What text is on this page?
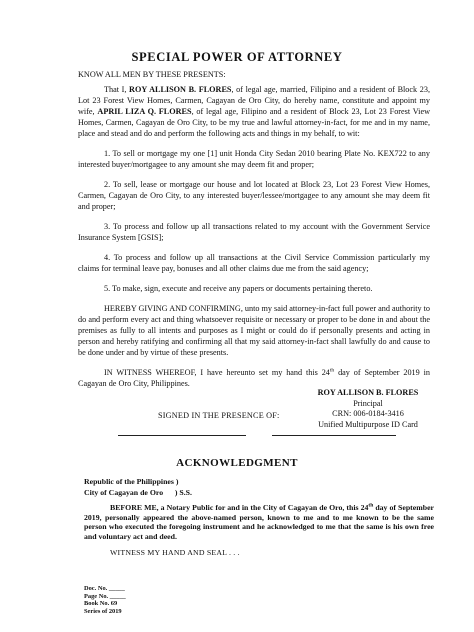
SPECIAL POWER OF ATTORNEY
KNOW ALL MEN BY THESE PRESENTS:

That I, ROY ALLISON B. FLORES, of legal age, married, Filipino and a resident of Block 23, Lot 23 Forest View Homes, Carmen, Cagayan de Oro City, do hereby name, constitute and appoint my wife, APRIL LIZA Q. FLORES, of legal age, Filipino and a resident of Block 23, Lot 23 Forest View Homes, Carmen, Cagayan de Oro City, to be my true and lawful attorney-in-fact, for me and in my name, place and stead and do and perform the following acts and things in my behalf, to wit:

1. To sell or mortgage my one [1] unit Honda City Sedan 2010 bearing Plate No. KEX722 to any interested buyer/mortgagee to any amount she may deem fit and proper;

2. To sell, lease or mortgage our house and lot located at Block 23, Lot 23 Forest View Homes, Carmen, Cagayan de Oro City, to any interested buyer/lessee/mortgagee to any amount she may deem fit and proper;

3. To process and follow up all transactions related to my account with the Government Service Insurance System [GSIS];

4. To process and follow up all transactions at the Civil Service Commission particularly my claims for terminal leave pay, bonuses and all other claims due me from the said agency;

5. To make, sign, execute and receive any papers or documents pertaining thereto.

HEREBY GIVING AND CONFIRMING, unto my said attorney-in-fact full power and authority to do and perform every act and thing whatsoever requisite or necessary or proper to be done in and about the premises as fully to all intents and purposes as I might or could do if personally presents and acting in person and hereby ratifying and confirming all that my said attorney-in-fact shall lawfully do and cause to be done under and by virtue of these presents.

IN WITNESS WHEREOF, I have hereunto set my hand this 24th day of September 2019 in Cagayan de Oro City, Philippines.

ROY ALLISON B. FLORES
Principal
CRN: 006-0184-3416
Unified Multipurpose ID Card
SIGNED IN THE PRESENCE OF:
ACKNOWLEDGMENT
Republic of the Philippines )
City of Cagayan de Oro      ) S.S.
BEFORE ME, a Notary Public for and in the City of Cagayan de Oro, this 24th day of September 2019, personally appeared the above-named person, known to me and to me known to be the same person who executed the foregoing instrument and he acknowledged to me that the same is his own free and voluntary act and deed.
WITNESS MY HAND AND SEAL . . .
Doc. No. _____
Page No. _____
Book No. 69
Series of 2019
